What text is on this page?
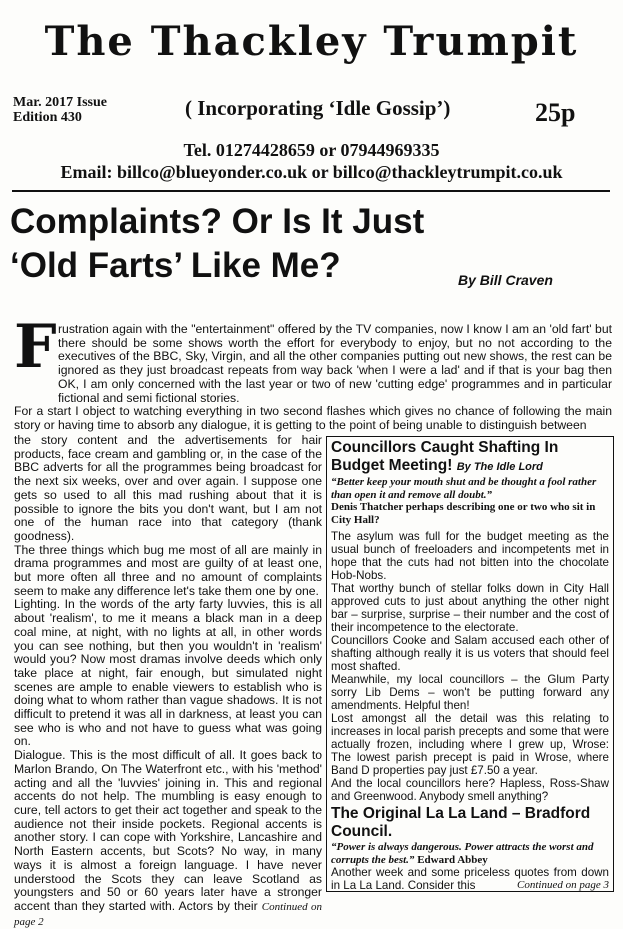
The Thackley Trumpit
Mar. 2017 Issue
Edition 430	( Incorporating ‘Idle Gossip’)	25p
Tel. 01274428659 or 07944969335
Email: billco@blueyonder.co.uk or billco@thackleytrumpit.co.uk
Complaints? Or Is It Just
‘Old Farts’ Like Me?	By Bill Craven
F rustration again with the "entertainment" offered by the TV companies, now I know I am an 'old fart' but there should be some shows worth the effort for everybody to enjoy, but no not according to the executives of the BBC, Sky, Virgin, and all the other companies putting out new shows, the rest can be ignored as they just broadcast repeats from way back 'when I were a lad' and if that is your bag then OK, I am only concerned with the last year or two of new 'cutting edge' programmes and in particular fictional and semi fictional stories.

For a start I object to watching everything in two second flashes which gives no chance of following the main story or having time to absorb any dialogue, it is getting to the point of being unable to distinguish between

the story content and the advertisements for hair products, face cream and gambling or, in the case of the BBC adverts for all the programmes being broadcast for the next six weeks, over and over again. I suppose one gets so used to all this mad rushing about that it is possible to ignore the bits you don't want, but I am not one of the human race into that category (thank goodness).

The three things which bug me most of all are mainly in drama programmes and most are guilty of at least one, but more often all three and no amount of complaints seem to make any difference let's take them one by one.

Lighting. In the words of the arty farty luvvies, this is all about 'realism', to me it means a black man in a deep coal mine, at night, with no lights at all, in other words you can see nothing, but then you wouldn't in 'realism' would you? Now most dramas involve deeds which only take place at night, fair enough, but simulated night scenes are ample to enable viewers to establish who is doing what to whom rather than vague shadows. It is not difficult to pretend it was all in darkness, at least you can see who is who and not have to guess what was going on.

Dialogue. This is the most difficult of all. It goes back to Marlon Brando, On The Waterfront etc., with his 'method' acting and all the 'luvvies' joining in. This and regional accents do not help. The mumbling is easy enough to cure, tell actors to get their act together and speak to the audience not their inside pockets. Regional accents is another story. I can cope with Yorkshire, Lancashire and North Eastern accents, but Scots? No way, in many ways it is almost a foreign language. I have never understood the Scots they can leave Scotland as youngsters and 50 or 60 years later have a stronger accent than they started with. Actors by their Continued on page 2

Councillors Caught Shafting In Budget Meeting! By The Idle Lord
“Better keep your mouth shut and be thought a fool rather than open it and remove all doubt.”
Denis Thatcher perhaps describing one or two who sit in City Hall?

The asylum was full for the budget meeting as the usual bunch of freeloaders and incompetents met in hope that the cuts had not bitten into the chocolate Hob-Nobs.

That worthy bunch of stellar folks down in City Hall approved cuts to just about anything the other night bar – surprise, surprise – their number and the cost of their incompetence to the electorate.

Councillors Cooke and Salam accused each other of shafting although really it is us voters that should feel most shafted.

Meanwhile, my local councillors – the Glum Party sorry Lib Dems – won't be putting forward any amendments. Helpful then!

Lost amongst all the detail was this relating to increases in local parish precepts and some that were actually frozen, including where I grew up, Wrose: The lowest parish precept is paid in Wrose, where Band D properties pay just £7.50 a year.

And the local councillors here? Hapless, Ross-Shaw and Greenwood. Anybody smell anything?

The Original La La Land – Bradford Council.
“Power is always dangerous. Power attracts the worst and corrupts the best.” Edward Abbey

Another week and some priceless quotes from down in La La Land. Consider this	Continued on page 3
